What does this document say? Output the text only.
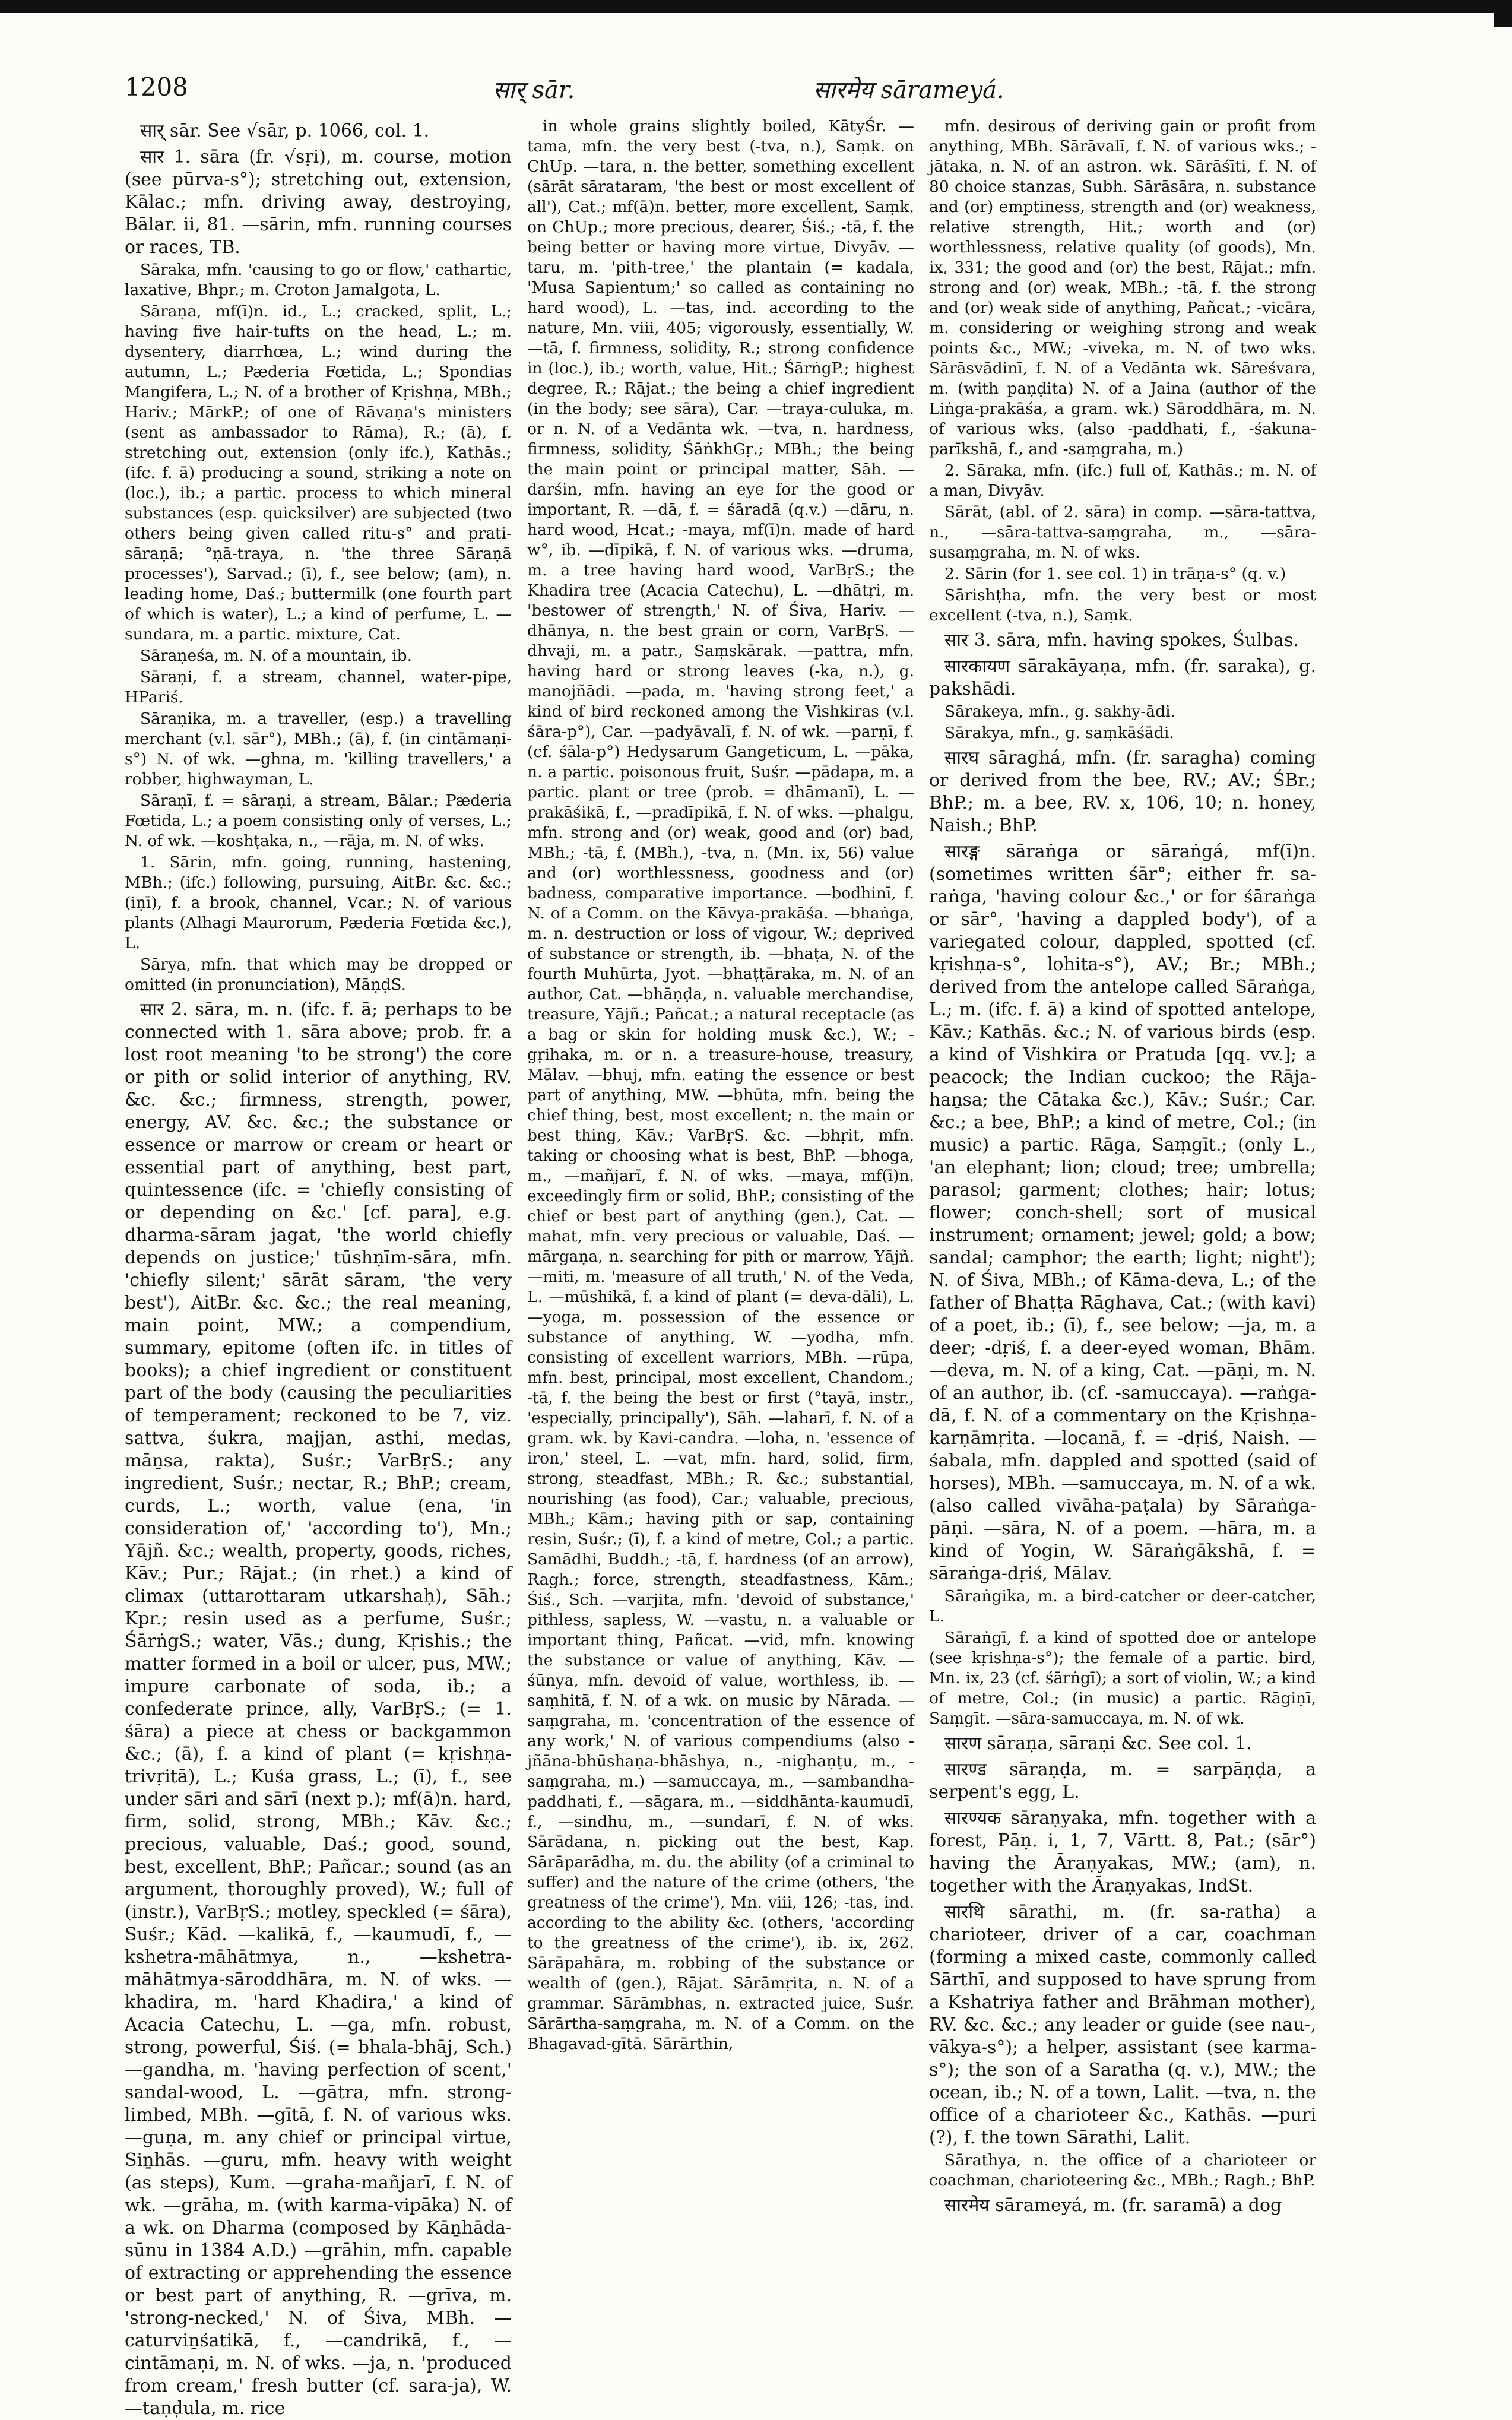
1208	सार् sār.	सारमेय sārameyá.

सार् sār. See √sār, p. 1066, col. 1.

सार 1. sāra (fr. √sṛi), m. course, motion (see pūrva-s°); stretching out, extension, Kālac.; mfn. driving away, destroying, Bālar. ii, 81. —sārin, mfn. running courses or races, TB.

Sāraka, mfn. 'causing to go or flow,' cathartic, laxative, Bhpr.; m. Croton Jamalgota, L.

Sāraṇa, mf(ī)n. id., L.; cracked, split, L.; having five hair-tufts on the head, L.; m. dysentery, diarrhœa, L.; wind during the autumn, L.; Pæderia Fœtida, L.; Spondias Mangifera, L.; N. of a brother of Kṛishṇa, MBh.; Hariv.; MārkP.; of one of Rāvaṇa's ministers (sent as ambassador to Rāma), R.; (ā), f. stretching out, extension (only ifc.), Kathās.; (ifc. f. ā) producing a sound, striking a note on (loc.), ib.; a partic. process to which mineral substances (esp. quicksilver) are subjected (two others being given called ritu-s° and prati-sāraṇā; °ṇā-traya, n. 'the three Sāraṇā processes'), Sarvad.; (ī), f., see below; (am), n. leading home, Daś.; buttermilk (one fourth part of which is water), L.; a kind of perfume, L. —sundara, m. a partic. mixture, Cat.

Sāraṇeśa, m. N. of a mountain, ib.

Sāraṇi, f. a stream, channel, water-pipe, HPariś.

Sāraṇika, m. a traveller, (esp.) a travelling merchant (v.l. sār°), MBh.; (ā), f. (in cintāmaṇi-s°) N. of wk. —ghna, m. 'killing travellers,' a robber, highwayman, L.

Sāraṇī, f. = sāraṇi, a stream, Bālar.; Pæderia Fœtida, L.; a poem consisting only of verses, L.; N. of wk. —koshṭaka, n., —rāja, m. N. of wks.

1. Sārin, mfn. going, running, hastening, MBh.; (ifc.) following, pursuing, AitBr. &c. &c.; (iṇī), f. a brook, channel, Vcar.; N. of various plants (Alhagi Maurorum, Pæderia Fœtida &c.), L.

Sārya, mfn. that which may be dropped or omitted (in pronunciation), MāṇḍS.

सार 2. sāra, m. n. (ifc. f. ā; perhaps to be connected with 1. sāra above; prob. fr. a lost root meaning 'to be strong') the core or pith or solid interior of anything, RV. &c. &c.; firmness, strength, power, energy, AV. &c. &c.; the substance or essence or marrow or cream or heart or essential part of anything, best part, quintessence (ifc. = 'chiefly consisting of or depending on &c.' [cf. para], e.g. dharma-sāram jagat, 'the world chiefly depends on justice;' tūshṇīm-sāra, mfn. 'chiefly silent;' sārāt sāram, 'the very best'), AitBr. &c. &c.; the real meaning, main point, MW.; a compendium, summary, epitome (often ifc. in titles of books); a chief ingredient or constituent part of the body (causing the peculiarities of temperament; reckoned to be 7, viz. sattva, śukra, majjan, asthi, medas, māṉsa, rakta), Suśr.; VarBṛS.; any ingredient, Suśr.; nectar, R.; BhP.; cream, curds, L.; worth, value (ena, 'in consideration of,' 'according to'), Mn.; Yājñ. &c.; wealth, property, goods, riches, Kāv.; Pur.; Rājat.; (in rhet.) a kind of climax (uttarottaram utkarshaḥ), Sāh.; Kpr.; resin used as a perfume, Suśr.; ŚārṅgS.; water, Vās.; dung, Kṛishis.; the matter formed in a boil or ulcer, pus, MW.; impure carbonate of soda, ib.; a confederate prince, ally, VarBṛS.; (= 1. śāra) a piece at chess or backgammon &c.; (ā), f. a kind of plant (= kṛishṇa-trivṛitā), L.; Kuśa grass, L.; (ī), f., see under sāri and sārī (next p.); mf(ā)n. hard, firm, solid, strong, MBh.; Kāv. &c.; precious, valuable, Daś.; good, sound, best, excellent, BhP.; Pañcar.; sound (as an argument, thoroughly proved), W.; full of (instr.), VarBṛS.; motley, speckled (= śāra), Suśr.; Kād. —kalikā, f., —kaumudī, f., —kshetra-māhātmya, n., —kshetra-māhātmya-sāroddhāra, m. N. of wks. —khadira, m. 'hard Khadira,' a kind of Acacia Catechu, L. —ga, mfn. robust, strong, powerful, Śiś. (= bhala-bhāj, Sch.) —gandha, m. 'having perfection of scent,' sandal-wood, L. —gātra, mfn. strong-limbed, MBh. —gītā, f. N. of various wks. —guṇa, m. any chief or principal virtue, Siṉhās. —guru, mfn. heavy with weight (as steps), Kum. —graha-mañjarī, f. N. of wk. —grāha, m. (with karma-vipāka) N. of a wk. on Dharma (composed by Kāṉhāda-sūnu in 1384 A.D.) —grāhin, mfn. capable of extracting or apprehending the essence or best part of anything, R. —grīva, m. 'strong-necked,' N. of Śiva, MBh. —caturviṉśatikā, f., —candrikā, f., —cintāmaṇi, m. N. of wks. —ja, n. 'produced from cream,' fresh butter (cf. sara-ja), W. —taṇḍula, m. rice

in whole grains slightly boiled, KātyŚr. —tama, mfn. the very best (-tva, n.), Saṃk. on ChUp. —tara, n. the better, something excellent (sārāt sārataram, 'the best or most excellent of all'), Cat.; mf(ā)n. better, more excellent, Saṃk. on ChUp.; more precious, dearer, Śiś.; -tā, f. the being better or having more virtue, Divyāv. —taru, m. 'pith-tree,' the plantain (= kadala, 'Musa Sapientum;' so called as containing no hard wood), L. —tas, ind. according to the nature, Mn. viii, 405; vigorously, essentially, W. —tā, f. firmness, solidity, R.; strong confidence in (loc.), ib.; worth, value, Hit.; ŚārṅgP.; highest degree, R.; Rājat.; the being a chief ingredient (in the body; see sāra), Car. —traya-culuka, m. or n. N. of a Vedānta wk. —tva, n. hardness, firmness, solidity, ŚāṅkhGṛ.; MBh.; the being the main point or principal matter, Sāh. —darśin, mfn. having an eye for the good or important, R. —dā, f. = śāradā (q.v.) —dāru, n. hard wood, Hcat.; -maya, mf(ī)n. made of hard w°, ib. —dīpikā, f. N. of various wks. —druma, m. a tree having hard wood, VarBṛS.; the Khadira tree (Acacia Catechu), L. —dhātṛi, m. 'bestower of strength,' N. of Śiva, Hariv. —dhānya, n. the best grain or corn, VarBṛS. —dhvaji, m. a patr., Saṃskārak. —pattra, mfn. having hard or strong leaves (-ka, n.), g. manojñādi. —pada, m. 'having strong feet,' a kind of bird reckoned among the Vishkiras (v.l. śāra-p°), Car. —padyāvalī, f. N. of wk. —parṇī, f. (cf. śāla-p°) Hedysarum Gangeticum, L. —pāka, n. a partic. poisonous fruit, Suśr. —pādapa, m. a partic. plant or tree (prob. = dhāmanī), L. —prakāśikā, f., —pradīpikā, f. N. of wks. —phalgu, mfn. strong and (or) weak, good and (or) bad, MBh.; -tā, f. (MBh.), -tva, n. (Mn. ix, 56) value and (or) worthlessness, goodness and (or) badness, comparative importance. —bodhinī, f. N. of a Comm. on the Kāvya-prakāśa. —bhaṅga, m. n. destruction or loss of vigour, W.; deprived of substance or strength, ib. —bhaṭa, N. of the fourth Muhūrta, Jyot. —bhaṭṭāraka, m. N. of an author, Cat. —bhāṇḍa, n. valuable merchandise, treasure, Yājñ.; Pañcat.; a natural receptacle (as a bag or skin for holding musk &c.), W.; -gṛihaka, m. or n. a treasure-house, treasury, Mālav. —bhuj, mfn. eating the essence or best part of anything, MW. —bhūta, mfn. being the chief thing, best, most excellent; n. the main or best thing, Kāv.; VarBṛS. &c. —bhṛit, mfn. taking or choosing what is best, BhP. —bhoga, m., —mañjarī, f. N. of wks. —maya, mf(ī)n. exceedingly firm or solid, BhP.; consisting of the chief or best part of anything (gen.), Cat. —mahat, mfn. very precious or valuable, Daś. —mārgaṇa, n. searching for pith or marrow, Yājñ. —miti, m. 'measure of all truth,' N. of the Veda, L. —mūshikā, f. a kind of plant (= deva-dāli), L. —yoga, m. possession of the essence or substance of anything, W. —yodha, mfn. consisting of excellent warriors, MBh. —rūpa, mfn. best, principal, most excellent, Chandom.; -tā, f. the being the best or first (°tayā, instr., 'especially, principally'), Sāh. —laharī, f. N. of a gram. wk. by Kavi-candra. —loha, n. 'essence of iron,' steel, L. —vat, mfn. hard, solid, firm, strong, steadfast, MBh.; R. &c.; substantial, nourishing (as food), Car.; valuable, precious, MBh.; Kām.; having pith or sap, containing resin, Suśr.; (ī), f. a kind of metre, Col.; a partic. Samādhi, Buddh.; -tā, f. hardness (of an arrow), Ragh.; force, strength, steadfastness, Kām.; Śiś., Sch. —varjita, mfn. 'devoid of substance,' pithless, sapless, W. —vastu, n. a valuable or important thing, Pañcat. —vid, mfn. knowing the substance or value of anything, Kāv. —śūnya, mfn. devoid of value, worthless, ib. —saṃhitā, f. N. of a wk. on music by Nārada. —saṃgraha, m. 'concentration of the essence of any work,' N. of various compendiums (also -jñāna-bhūshaṇa-bhāshya, n., -nighaṇṭu, m., -saṃgraha, m.) —samuccaya, m., —sambandha-paddhati, f., —sāgara, m., —siddhānta-kaumudī, f., —sindhu, m., —sundarī, f. N. of wks. Sārādana, n. picking out the best, Kap. Sārāparādha, m. du. the ability (of a criminal to suffer) and the nature of the crime (others, 'the greatness of the crime'), Mn. viii, 126; -tas, ind. according to the ability &c. (others, 'according to the greatness of the crime'), ib. ix, 262. Sārāpahāra, m. robbing of the substance or wealth of (gen.), Rājat. Sārāmṛita, n. N. of a grammar. Sārāmbhas, n. extracted juice, Suśr. Sārārtha-saṃgraha, m. N. of a Comm. on the Bhagavad-gītā. Sārārthin,

mfn. desirous of deriving gain or profit from anything, MBh. Sārāvalī, f. N. of various wks.; -jātaka, n. N. of an astron. wk. Sārāśīti, f. N. of 80 choice stanzas, Subh. Sārāsāra, n. substance and (or) emptiness, strength and (or) weakness, relative strength, Hit.; worth and (or) worthlessness, relative quality (of goods), Mn. ix, 331; the good and (or) the best, Rājat.; mfn. strong and (or) weak, MBh.; -tā, f. the strong and (or) weak side of anything, Pañcat.; -vicāra, m. considering or weighing strong and weak points &c., MW.; -viveka, m. N. of two wks. Sārāsvādinī, f. N. of a Vedānta wk. Sāreśvara, m. (with paṇḍita) N. of a Jaina (author of the Liṅga-prakāśa, a gram. wk.) Sāroddhāra, m. N. of various wks. (also -paddhati, f., -śakuna-parīkshā, f., and -saṃgraha, m.)

2. Sāraka, mfn. (ifc.) full of, Kathās.; m. N. of a man, Divyāv.

Sārāt, (abl. of 2. sāra) in comp. —sāra-tattva, n., —sāra-tattva-saṃgraha, m., —sāra-susaṃgraha, m. N. of wks.

2. Sārin (for 1. see col. 1) in trāṇa-s° (q. v.)

Sārishṭha, mfn. the very best or most excellent (-tva, n.), Saṃk.

सार 3. sāra, mfn. having spokes, Śulbas.

सारकायण sārakāyaṇa, mfn. (fr. saraka), g. pakshādi.

Sārakeya, mfn., g. sakhy-ādi.

Sārakya, mfn., g. saṃkāśādi.

सारघ sāraghá, mfn. (fr. saragha) coming or derived from the bee, RV.; AV.; ŚBr.; BhP.; m. a bee, RV. x, 106, 10; n. honey, Naish.; BhP.

सारङ्ग sāraṅga or sāraṅgá, mf(ī)n. (sometimes written śār°; either fr. sa-raṅga, 'having colour &c.,' or for śāraṅga or sār°, 'having a dappled body'), of a variegated colour, dappled, spotted (cf. kṛishṇa-s°, lohita-s°), AV.; Br.; MBh.; derived from the antelope called Sāraṅga, L.; m. (ifc. f. ā) a kind of spotted antelope, Kāv.; Kathās. &c.; N. of various birds (esp. a kind of Vishkira or Pratuda [qq. vv.]; a peacock; the Indian cuckoo; the Rāja-haṉsa; the Cātaka &c.), Kāv.; Suśr.; Car. &c.; a bee, BhP.; a kind of metre, Col.; (in music) a partic. Rāga, Saṃgīt.; (only L., 'an elephant; lion; cloud; tree; umbrella; parasol; garment; clothes; hair; lotus; flower; conch-shell; sort of musical instrument; ornament; jewel; gold; a bow; sandal; camphor; the earth; light; night'); N. of Śiva, MBh.; of Kāma-deva, L.; of the father of Bhaṭṭa Rāghava, Cat.; (with kavi) of a poet, ib.; (ī), f., see below; —ja, m. a deer; -dṛiś, f. a deer-eyed woman, Bhām. —deva, m. N. of a king, Cat. —pāṇi, m. N. of an author, ib. (cf. -samuccaya). —raṅga-dā, f. N. of a commentary on the Kṛishṇa-karṇāmṛita. —locanā, f. = -dṛiś, Naish. —śabala, mfn. dappled and spotted (said of horses), MBh. —samuccaya, m. N. of a wk. (also called vivāha-paṭala) by Sāraṅga-pāṇi. —sāra, N. of a poem. —hāra, m. a kind of Yogin, W. Sāraṅgākshā, f. = sāraṅga-dṛiś, Mālav.

Sāraṅgika, m. a bird-catcher or deer-catcher, L.

Sāraṅgī, f. a kind of spotted doe or antelope (see kṛishṇa-s°); the female of a partic. bird, Mn. ix, 23 (cf. śārṅgī); a sort of violin, W.; a kind of metre, Col.; (in music) a partic. Rāgiṇī, Saṃgīt. —sāra-samuccaya, m. N. of wk.

सारण sāraṇa, sāraṇi &c. See col. 1.

सारण्ड sāraṇḍa, m. = sarpāṇḍa, a serpent's egg, L.

सारण्यक sāraṇyaka, mfn. together with a forest, Pāṇ. i, 1, 7, Vārtt. 8, Pat.; (sār°) having the Āraṇyakas, MW.; (am), n. together with the Āraṇyakas, IndSt.

सारथि sārathi, m. (fr. sa-ratha) a charioteer, driver of a car, coachman (forming a mixed caste, commonly called Sārthī, and supposed to have sprung from a Kshatriya father and Brāhman mother), RV. &c. &c.; any leader or guide (see nau-, vākya-s°); a helper, assistant (see karma-s°); the son of a Saratha (q. v.), MW.; the ocean, ib.; N. of a town, Lalit. —tva, n. the office of a charioteer &c., Kathās. —puri (?), f. the town Sārathi, Lalit.

Sārathya, n. the office of a charioteer or coachman, charioteering &c., MBh.; Ragh.; BhP.

सारमेय sārameyá, m. (fr. saramā) a dog
